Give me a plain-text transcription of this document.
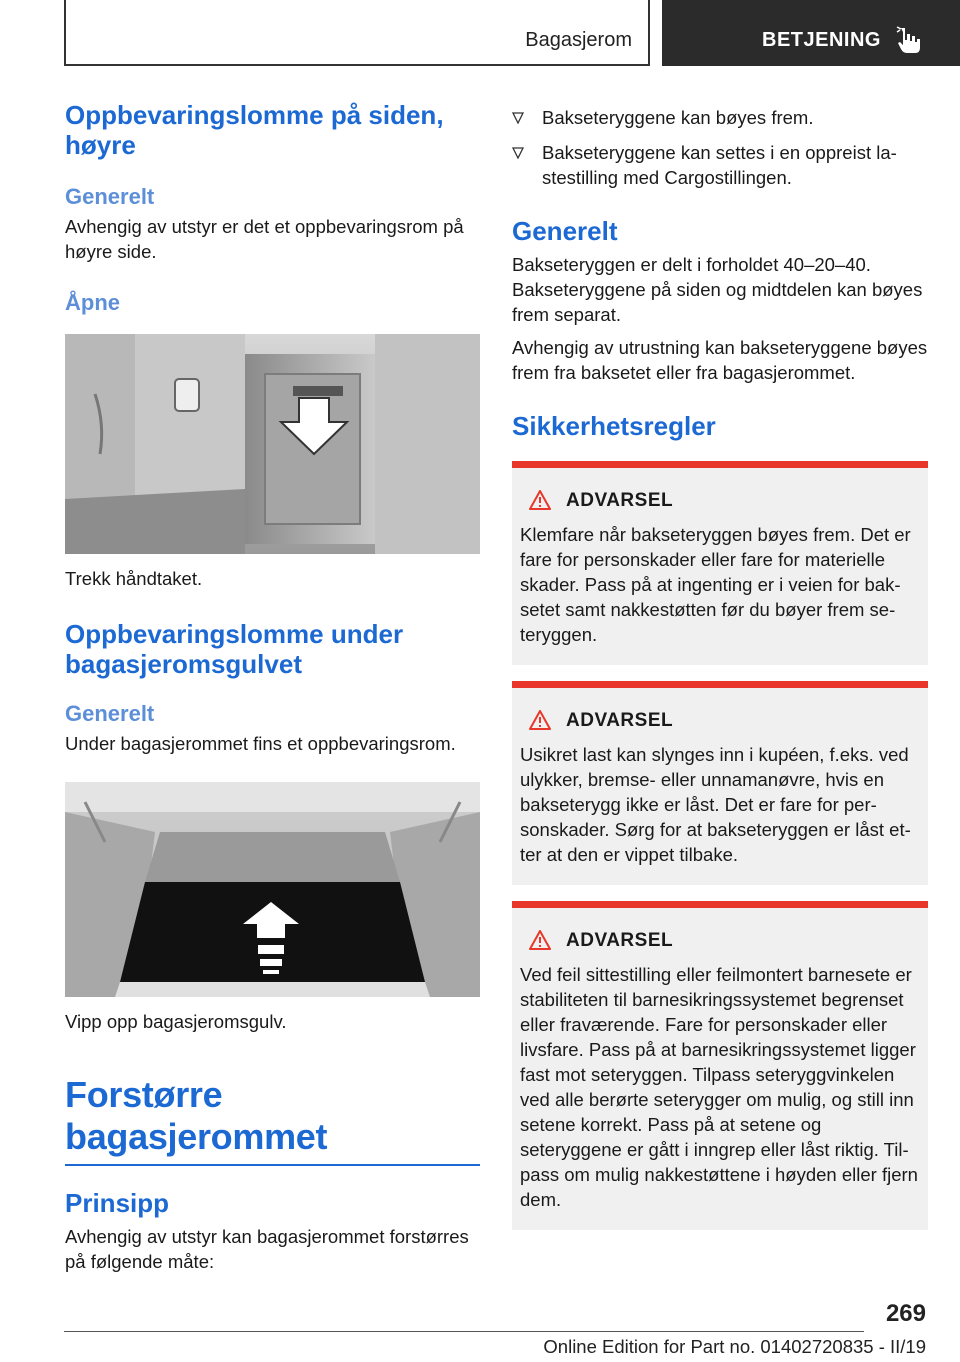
Bagasjerom	BETJENING
Oppbevaringslomme på siden, høyre
Generelt
Avhengig av utstyr er det et oppbevaringsrom på høyre side.
Åpne
Trekk håndtaket.
Oppbevaringslomme under bagasjeromsgulvet
Generelt
Under bagasjerommet fins et oppbevaringsrom.
Vipp opp bagasjeromsgulv.
Forstørre bagasjerommet
Prinsipp
Avhengig av utstyr kan bagasjerommet forstørres på følgende måte:
Bakseteryggene kan bøyes frem.
Bakseteryggene kan settes i en oppreist lastestilling med Cargostillingen.
Generelt
Bakseteryggen er delt i forholdet 40–20–40. Bakseteryggene på siden og midtdelen kan bøyes frem separat.
Avhengig av utrustning kan bakseteryggene bøyes frem fra baksetet eller fra bagasjerommet.
Sikkerhetsregler
ADVARSEL
Klemfare når bakseteryggen bøyes frem. Det er fare for personskader eller fare for materielle skader. Pass på at ingenting er i veien for baksetet samt nakkestøtten før du bøyer frem seteryggen.
ADVARSEL
Usikret last kan slynges inn i kupéen, f.eks. ved ulykker, bremse- eller unnamanøvre, hvis en bakseterygg ikke er låst. Det er fare for personskader. Sørg for at bakseteryggen er låst etter at den er vippet tilbake.
ADVARSEL
Ved feil sittestilling eller feilmontert barnesete er stabiliteten til barnesikringssystemet begrenset eller fraværende. Fare for personskader eller livsfare. Pass på at barnesikringssystemet ligger fast mot seteryggen. Tilpass seteryggvinkelen ved alle berørte seterygger om mulig, og still inn setene korrekt. Pass på at setene og seteryggene er gått i inngrep eller låst riktig. Tilpass om mulig nakkestøttene i høyden eller fjern dem.
269
Online Edition for Part no. 01402720835 - II/19
